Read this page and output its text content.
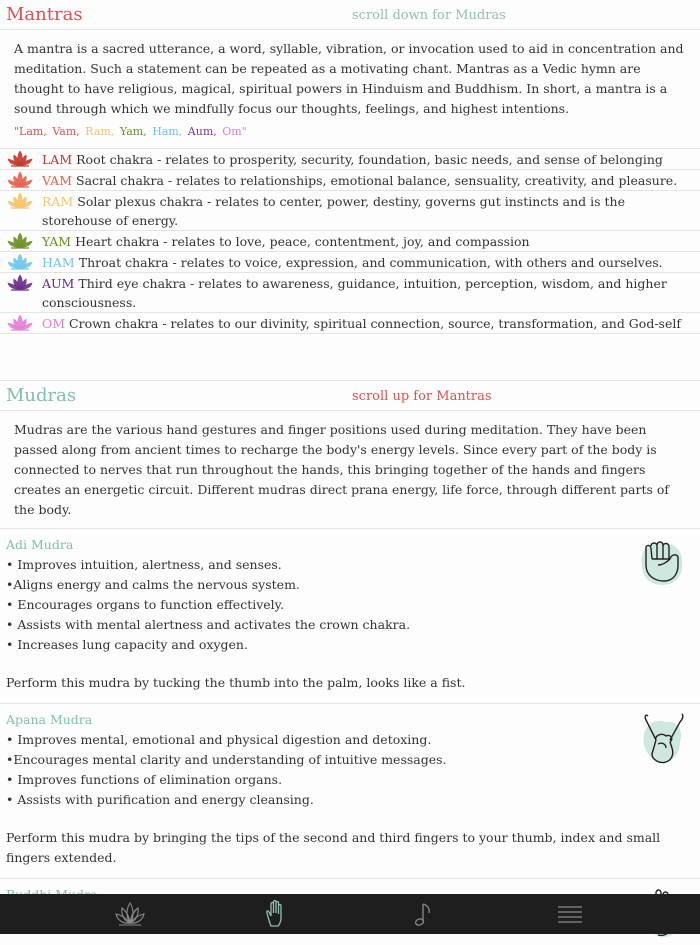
Mantras	scroll down for Mudras
A mantra is a sacred utterance, a word, syllable, vibration, or invocation used to aid in concentration and meditation. Such a statement can be repeated as a motivating chant. Mantras as a Vedic hymn are thought to have religious, magical, spiritual powers in Hinduism and Buddhism. In short, a mantra is a sound through which we mindfully focus our thoughts, feelings, and highest intentions.
"Lam, Vam, Ram, Yam, Ham, Aum, Om"
LAM Root chakra - relates to prosperity, security, foundation, basic needs, and sense of belonging
VAM Sacral chakra - relates to relationships, emotional balance, sensuality, creativity, and pleasure.
RAM Solar plexus chakra - relates to center, power, destiny, governs gut instincts and is the storehouse of energy.
YAM Heart chakra - relates to love, peace, contentment, joy, and compassion
HAM Throat chakra - relates to voice, expression, and communication, with others and ourselves.
AUM Third eye chakra - relates to awareness, guidance, intuition, perception, wisdom, and higher consciousness.
OM Crown chakra - relates to our divinity, spiritual connection, source, transformation, and God-self
Mudras	scroll up for Mantras
Mudras are the various hand gestures and finger positions used during meditation. They have been passed along from ancient times to recharge the body's energy levels. Since every part of the body is connected to nerves that run throughout the hands, this bringing together of the hands and fingers creates an energetic circuit. Different mudras direct prana energy, life force, through different parts of the body.
Adi Mudra
• Improves intuition, alertness, and senses.
•Aligns energy and calms the nervous system.
• Encourages organs to function effectively.
• Assists with mental alertness and activates the crown chakra.
• Increases lung capacity and oxygen.
Perform this mudra by tucking the thumb into the palm, looks like a fist.
Apana Mudra
• Improves mental, emotional and physical digestion and detoxing.
•Encourages mental clarity and understanding of intuitive messages.
• Improves functions of elimination organs.
• Assists with purification and energy cleansing.
Perform this mudra by bringing the tips of the second and third fingers to your thumb, index and small fingers extended.
